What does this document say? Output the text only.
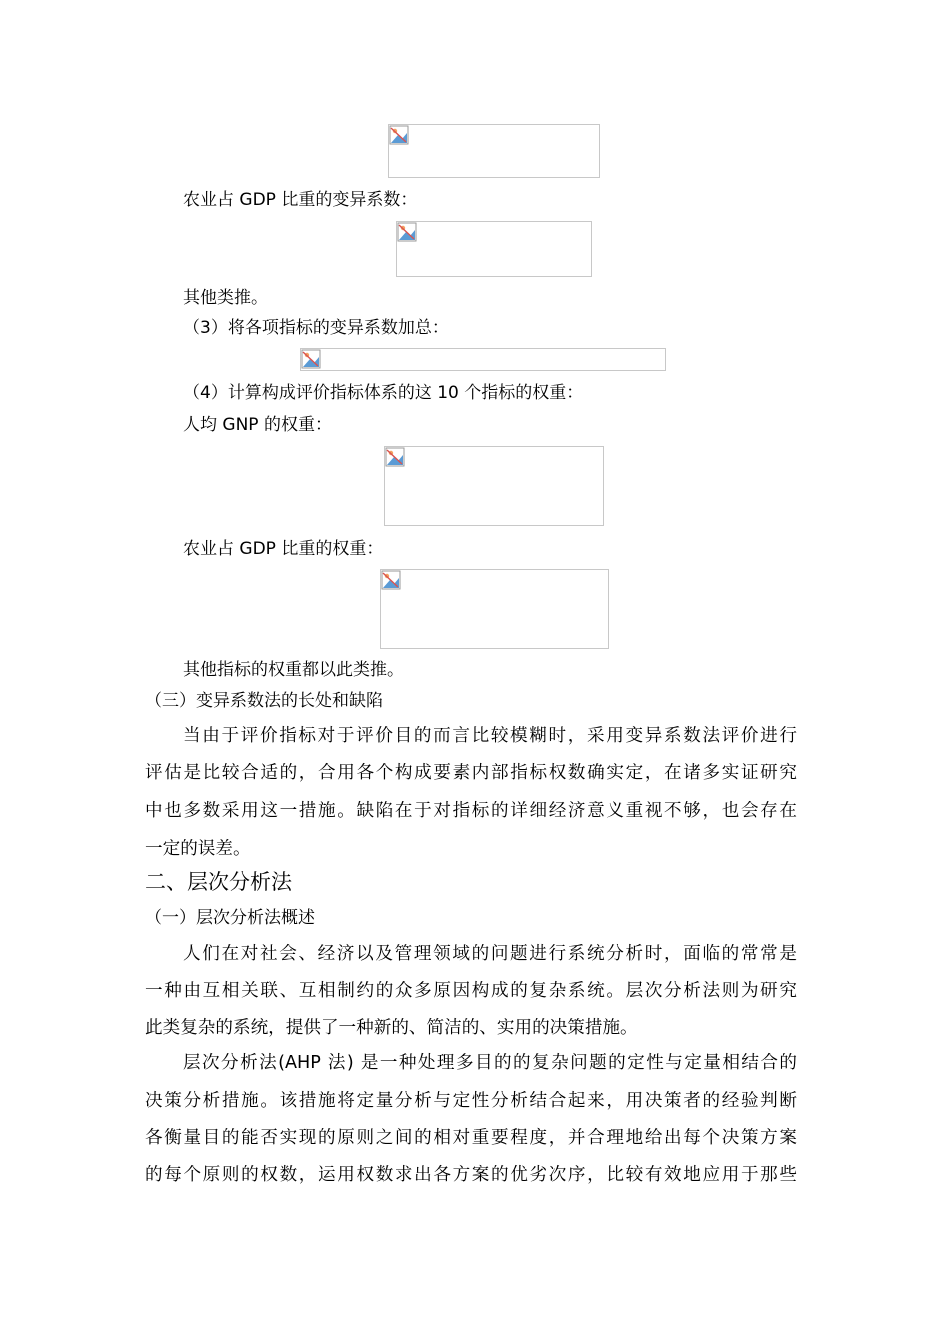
农业占 GDP 比重的变异系数：
其他类推。
（3）将各项指标的变异系数加总：
（4）计算构成评价指标体系的这 10 个指标的权重：
人均 GNP 的权重：
农业占 GDP 比重的权重：
其他指标的权重都以此类推。
（三）变异系数法的长处和缺陷
当由于评价指标对于评价目的而言比较模糊时，采用变异系数法评价进行
评估是比较合适的，合用各个构成要素内部指标权数确实定，在诸多实证研究
中也多数采用这一措施。缺陷在于对指标的详细经济意义重视不够，也会存在
一定的误差。
二、层次分析法
（一）层次分析法概述
人们在对社会、经济以及管理领域的问题进行系统分析时，面临的常常是
一种由互相关联、互相制约的众多原因构成的复杂系统。层次分析法则为研究
此类复杂的系统，提供了一种新的、简洁的、实用的决策措施。
层次分析法(AHP 法) 是一种处理多目的的复杂问题的定性与定量相结合的
决策分析措施。该措施将定量分析与定性分析结合起来，用决策者的经验判断
各衡量目的能否实现的原则之间的相对重要程度，并合理地给出每个决策方案
的每个原则的权数，运用权数求出各方案的优劣次序，比较有效地应用于那些
